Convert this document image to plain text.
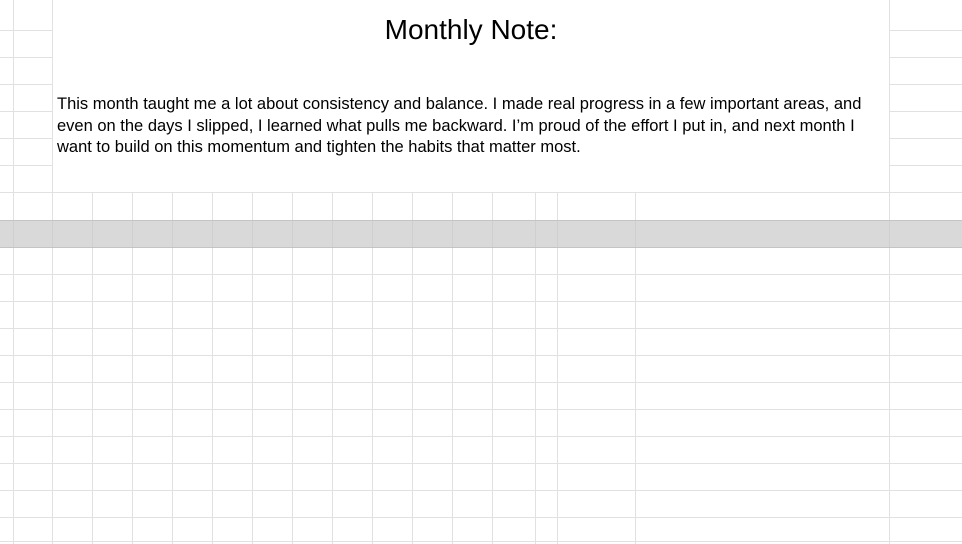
Monthly Note:

This month taught me a lot about consistency and balance. I made real progress in a few important areas, and even on the days I slipped, I learned what pulls me backward. I’m proud of the effort I put in, and next month I want to build on this momentum and tighten the habits that matter most.
